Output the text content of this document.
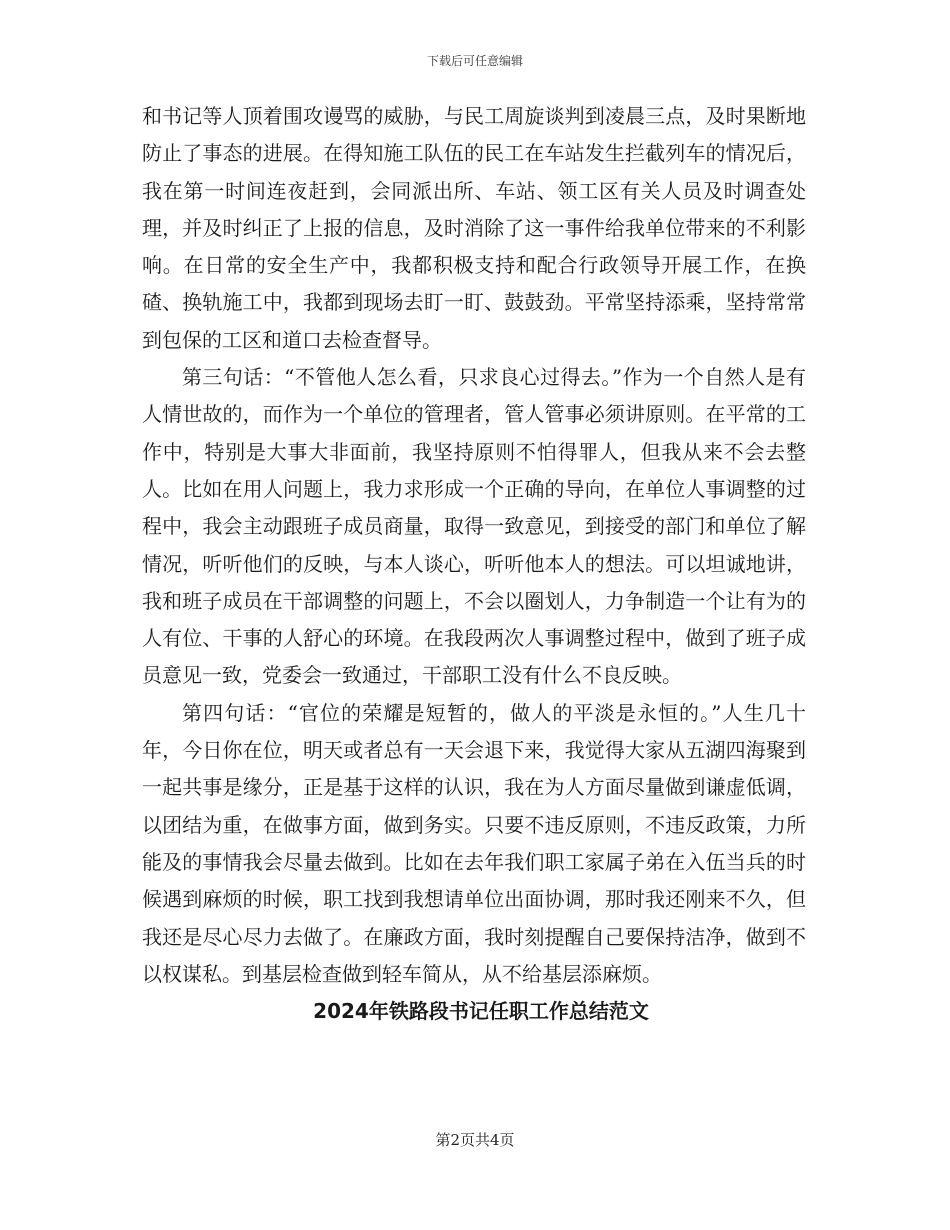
下载后可任意编辑

和书记等人顶着围攻谩骂的威胁，与民工周旋谈判到凌晨三点，及时果断地防止了事态的进展。在得知施工队伍的民工在车站发生拦截列车的情况后，我在第一时间连夜赶到，会同派出所、车站、领工区有关人员及时调查处理，并及时纠正了上报的信息，及时消除了这一事件给我单位带来的不利影响。在日常的安全生产中，我都积极支持和配合行政领导开展工作，在换碴、换轨施工中，我都到现场去盯一盯、鼓鼓劲。平常坚持添乘，坚持常常到包保的工区和道口去检查督导。

第三句话：“不管他人怎么看，只求良心过得去。”作为一个自然人是有人情世故的，而作为一个单位的管理者，管人管事必须讲原则。在平常的工作中，特别是大事大非面前，我坚持原则不怕得罪人，但我从来不会去整人。比如在用人问题上，我力求形成一个正确的导向，在单位人事调整的过程中，我会主动跟班子成员商量，取得一致意见，到接受的部门和单位了解情况，听听他们的反映，与本人谈心，听听他本人的想法。可以坦诚地讲，我和班子成员在干部调整的问题上，不会以圈划人，力争制造一个让有为的人有位、干事的人舒心的环境。在我段两次人事调整过程中，做到了班子成员意见一致，党委会一致通过，干部职工没有什么不良反映。

第四句话：“官位的荣耀是短暂的，做人的平淡是永恒的。”人生几十年，今日你在位，明天或者总有一天会退下来，我觉得大家从五湖四海聚到一起共事是缘分，正是基于这样的认识，我在为人方面尽量做到谦虚低调，以团结为重，在做事方面，做到务实。只要不违反原则，不违反政策，力所能及的事情我会尽量去做到。比如在去年我们职工家属子弟在入伍当兵的时候遇到麻烦的时候，职工找到我想请单位出面协调，那时我还刚来不久，但我还是尽心尽力去做了。在廉政方面，我时刻提醒自己要保持洁净，做到不以权谋私。到基层检查做到轻车简从，从不给基层添麻烦。

2024年铁路段书记任职工作总结范文
第2页共4页
